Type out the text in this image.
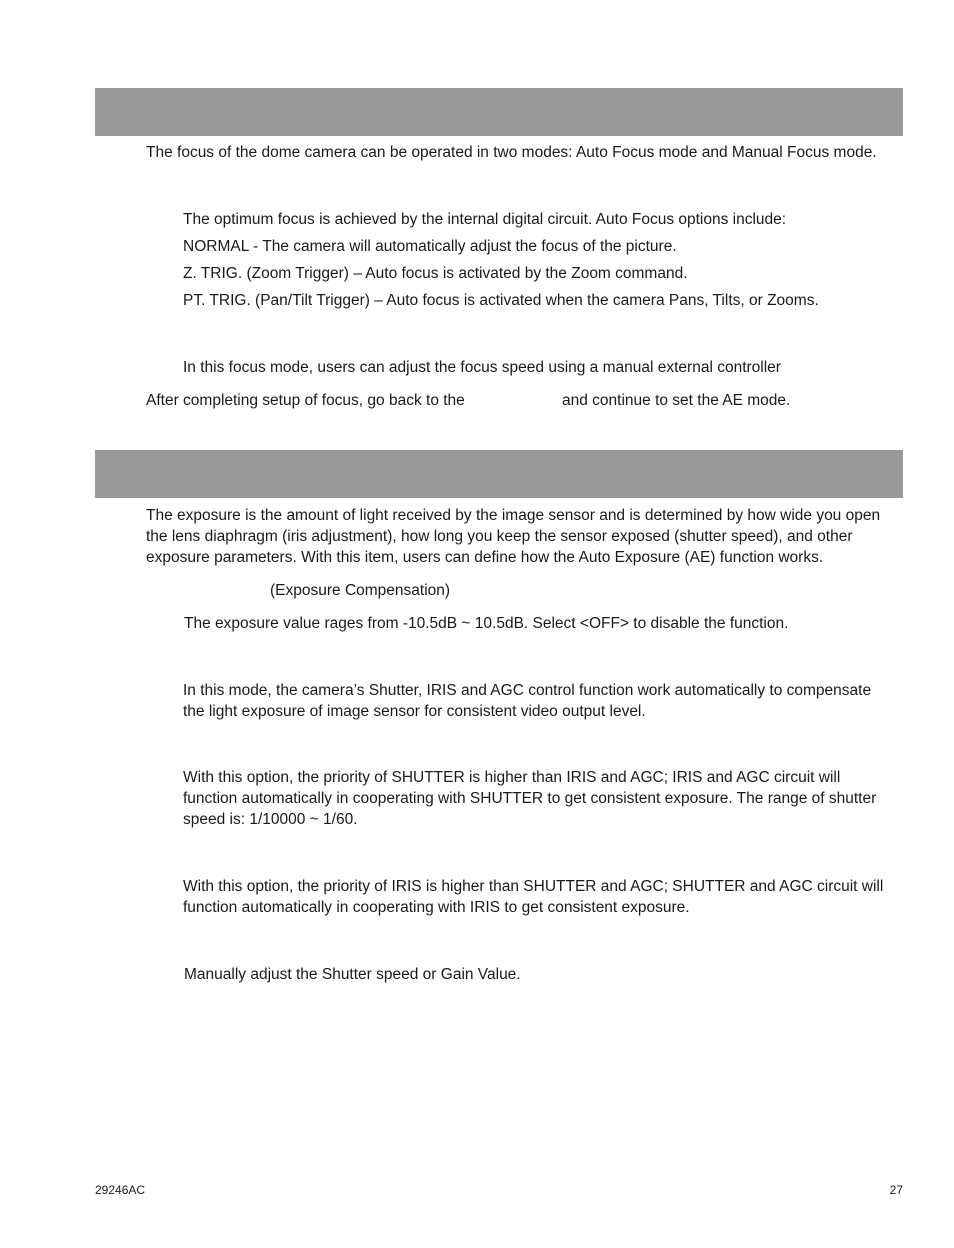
The focus of the dome camera can be operated in two modes: Auto Focus mode and Manual Focus mode.
The optimum focus is achieved by the internal digital circuit. Auto Focus options include:
NORMAL - The camera will automatically adjust the focus of the picture.
Z. TRIG. (Zoom Trigger) – Auto focus is activated by the Zoom command.
PT. TRIG. (Pan/Tilt Trigger) – Auto focus is activated when the camera Pans, Tilts, or Zooms.
In this focus mode, users can adjust the focus speed using a manual external controller
After completing setup of focus, go back to the	and continue to set the AE mode.
The exposure is the amount of light received by the image sensor and is determined by how wide you open the lens diaphragm (iris adjustment), how long you keep the sensor exposed (shutter speed), and other exposure parameters. With this item, users can define how the Auto Exposure (AE) function works.
(Exposure Compensation)
The exposure value rages from -10.5dB ~ 10.5dB. Select <OFF> to disable the function.
In this mode, the camera’s Shutter, IRIS and AGC control function work automatically to compensate the light exposure of image sensor for consistent video output level.
With this option, the priority of SHUTTER is higher than IRIS and AGC; IRIS and AGC circuit will function automatically in cooperating with SHUTTER to get consistent exposure. The range of shutter speed is: 1/10000 ~ 1/60.
With this option, the priority of IRIS is higher than SHUTTER and AGC; SHUTTER and AGC circuit will function automatically in cooperating with IRIS to get consistent exposure.
Manually adjust the Shutter speed or Gain Value.
29246AC	27
